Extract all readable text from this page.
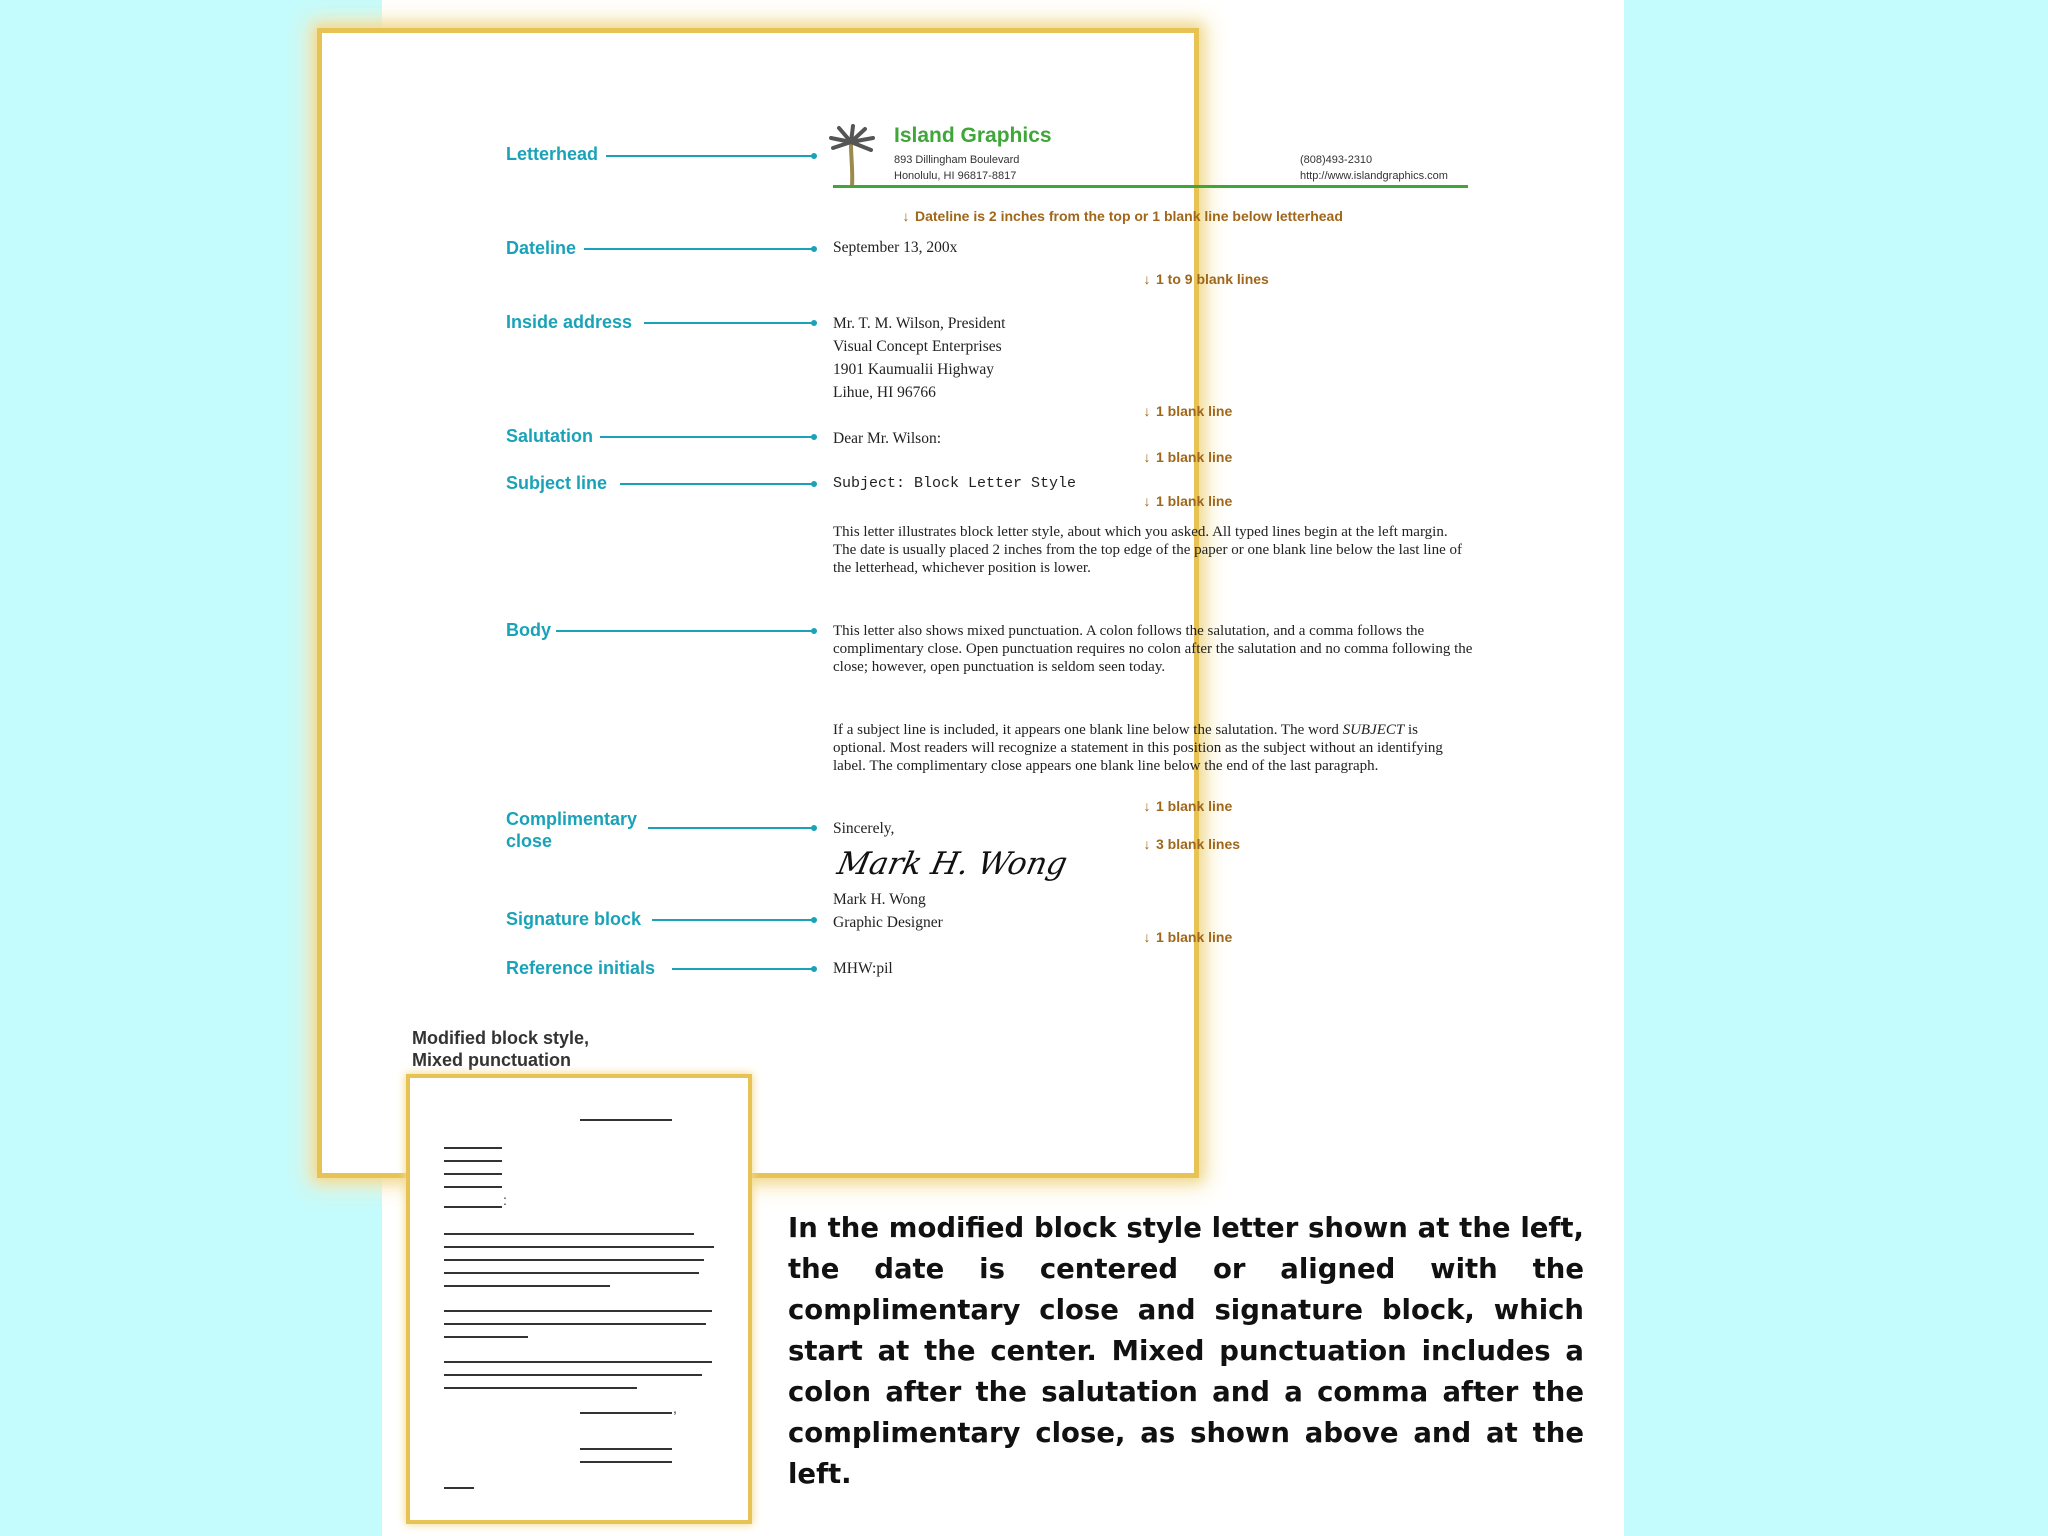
Letterhead
Dateline
Inside address
Salutation
Subject line
Body
Complimentary
close
Signature block
Reference initials
Island Graphics
893 Dillingham Boulevard
Honolulu, HI 96817-8817
(808)493-2310
http://www.islandgraphics.com
↓ Dateline is 2 inches from the top or 1 blank line below letterhead
↓ 1 to 9 blank lines
↓ 1 blank line
↓ 1 blank line
↓ 1 blank line
↓ 1 blank line
↓ 3 blank lines
↓ 1 blank line
September 13, 200x
Mr. T. M. Wilson, President
Visual Concept Enterprises
1901 Kaumualii Highway
Lihue, HI 96766
Dear Mr. Wilson:
Subject: Block Letter Style
This letter illustrates block letter style, about which you asked. All typed lines begin at the left margin. The date is usually placed 2 inches from the top edge of the paper or one blank line below the last line of the letterhead, whichever position is lower.
This letter also shows mixed punctuation. A colon follows the salutation, and a comma follows the complimentary close. Open punctuation requires no colon after the salutation and no comma following the close; however, open punctuation is seldom seen today.
If a subject line is included, it appears one blank line below the salutation. The word SUBJECT is optional. Most readers will recognize a statement in this position as the subject without an identifying label. The complimentary close appears one blank line below the end of the last paragraph.
Sincerely,
Mark H. Wong
Mark H. Wong
Graphic Designer
MHW:pil
Modified block style,
Mixed punctuation
:
,
In the modified block style letter shown at the left, the date is centered or aligned with the complimentary close and signature block, which start at the center. Mixed punctuation includes a colon after the salutation and a comma after the complimentary close, as shown above and at the left.
